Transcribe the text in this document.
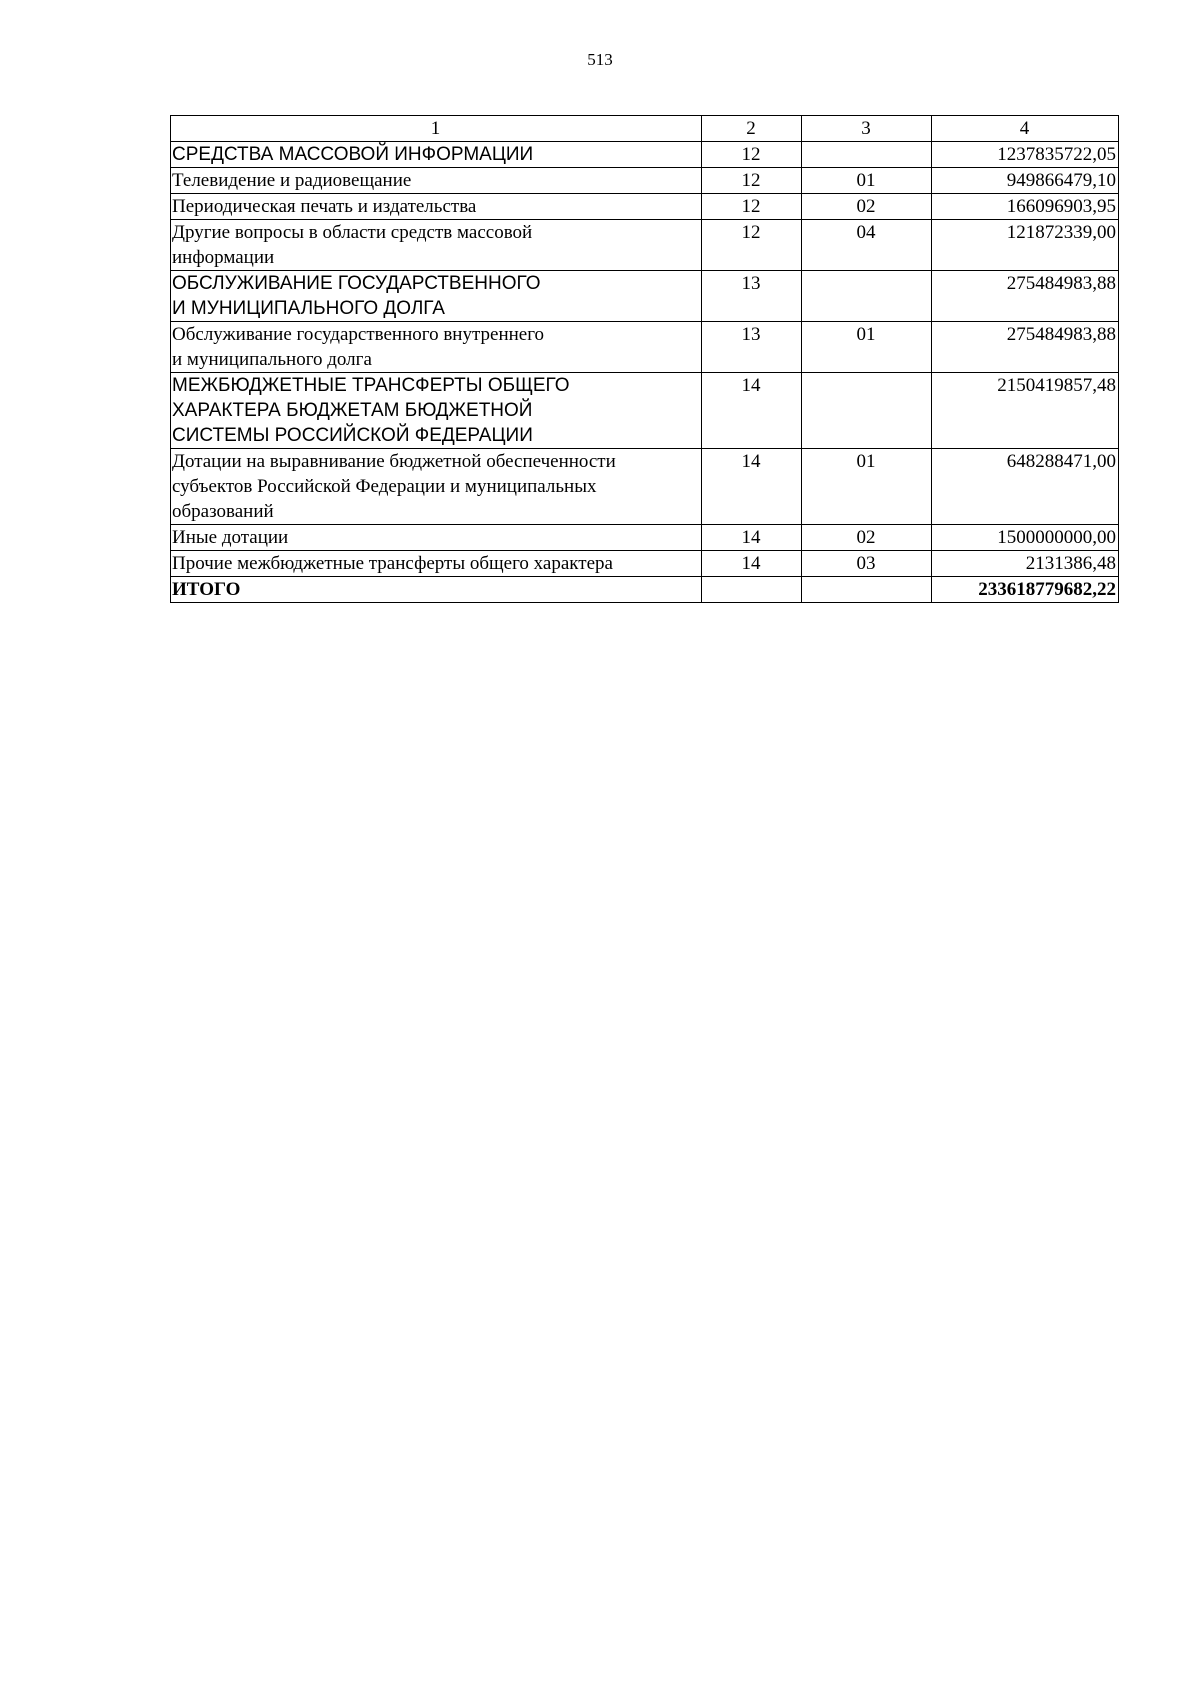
513
1	2	3	4

СРЕДСТВА МАССОВОЙ ИНФОРМАЦИИ	12		1237835722,05

Телевидение и радиовещание	12	01	949866479,10

Периодическая печать и издательства	12	02	166096903,95

Другие вопросы в области средств массовой
информации	12	04	121872339,00

ОБСЛУЖИВАНИЕ ГОСУДАРСТВЕННОГО
И МУНИЦИПАЛЬНОГО ДОЛГА	13		275484983,88

Обслуживание государственного внутреннего
и муниципального долга	13	01	275484983,88

МЕЖБЮДЖЕТНЫЕ ТРАНСФЕРТЫ ОБЩЕГО
ХАРАКТЕРА БЮДЖЕТАМ БЮДЖЕТНОЙ
СИСТЕМЫ РОССИЙСКОЙ ФЕДЕРАЦИИ	14		2150419857,48

Дотации на выравнивание бюджетной обеспеченности
субъектов Российской Федерации и муниципальных
образований	14	01	648288471,00

Иные дотации	14	02	1500000000,00

Прочие межбюджетные трансферты общего характера	14	03	2131386,48

ИТОГО			233618779682,22
